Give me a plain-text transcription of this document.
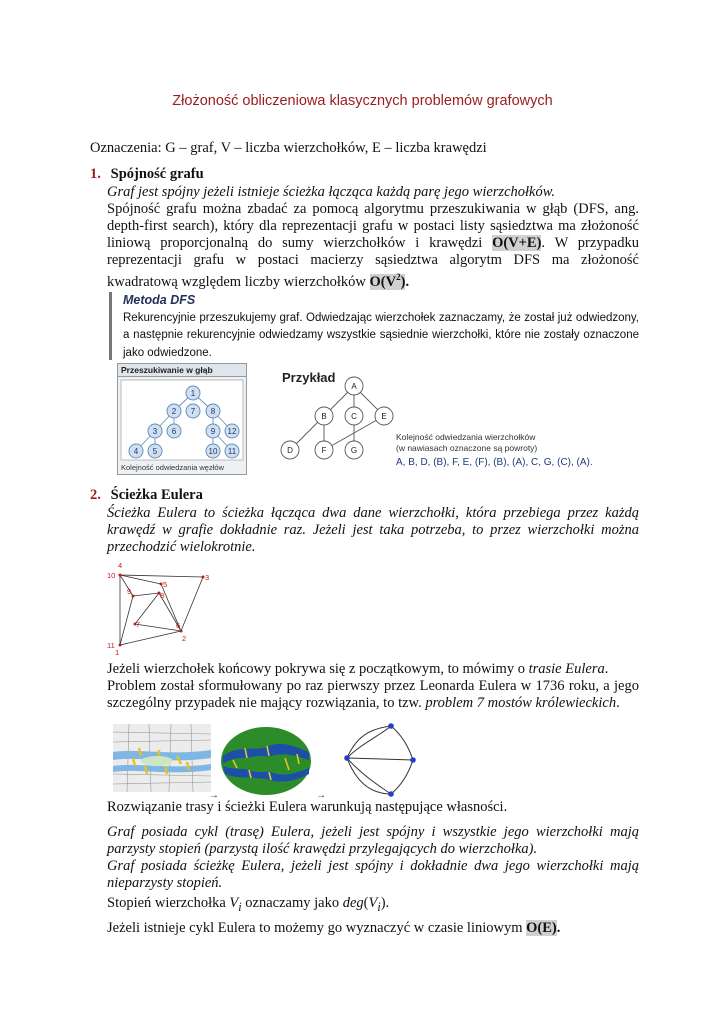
Złożoność obliczeniowa klasycznych problemów grafowych
Oznaczenia: G – graf, V – liczba wierzchołków, E – liczba krawędzi
1. Spójność grafu
Graf jest spójny jeżeli istnieje ścieżka łącząca każdą parę jego wierzchołków.
Spójność grafu można zbadać za pomocą algorytmu przeszukiwania w głąb (DFS, ang. depth-first search), który dla reprezentacji grafu w postaci listy sąsiedztwa ma złożoność liniową proporcjonalną do sumy wierzchołków i krawędzi O(V+E). W przypadku reprezentacji grafu w postaci macierzy sąsiedztwa algorytm DFS ma złożoność kwadratową względem liczby wierzchołków $O(V^2)$.
Metoda DFS
Rekurencyjnie przeszukujemy graf. Odwiedzając wierzchołek zaznaczamy, że został już odwiedzony, a następnie rekurencyjnie odwiedzamy wszystkie sąsiednie wierzchołki, które nie zostały oznaczone jako odwiedzone.
Przeszukiwanie w głąb
1
2 7 8
3 6	9 12
4 5	10 11
Kolejność odwiedzania węzłów
Przykład
A
B	C	E
D	F	G
Kolejność odwiedzania wierzchołków
(w nawiasach oznaczone są powroty)
A, B, D, (B), F, E, (F), (B), (A), C, G, (C), (A).
2. Ścieżka Eulera
Ścieżka Eulera to ścieżka łącząca dwa dane wierzchołki, która przebiega przez każdą krawędź w grafie dokładnie raz. Jeżeli jest taka potrzeba, to przez wierzchołki można przechodzić wielokrotnie.
4
10
5
3
9	8
7	6
2
11
1
Jeżeli wierzchołek końcowy pokrywa się z początkowym, to mówimy o trasie Eulera.
Problem został sformułowany po raz pierwszy przez Leonarda Eulera w 1736 roku, a jego szczególny przypadek nie mający rozwiązania, to tzw. problem 7 mostów królewieckich.
→	→
Rozwiązanie trasy i ścieżki Eulera warunkują następujące własności.
Graf posiada cykl (trasę) Eulera, jeżeli jest spójny i wszystkie jego wierzchołki mają parzysty stopień (parzystą ilość krawędzi przylegających do wierzchołka).
Graf posiada ścieżkę Eulera, jeżeli jest spójny i dokładnie dwa jego wierzchołki mają nieparzysty stopień.
Stopień wierzchołka $V_i$ oznaczamy jako $deg(V_i)$.
Jeżeli istnieje cykl Eulera to możemy go wyznaczyć w czasie liniowym O(E).
